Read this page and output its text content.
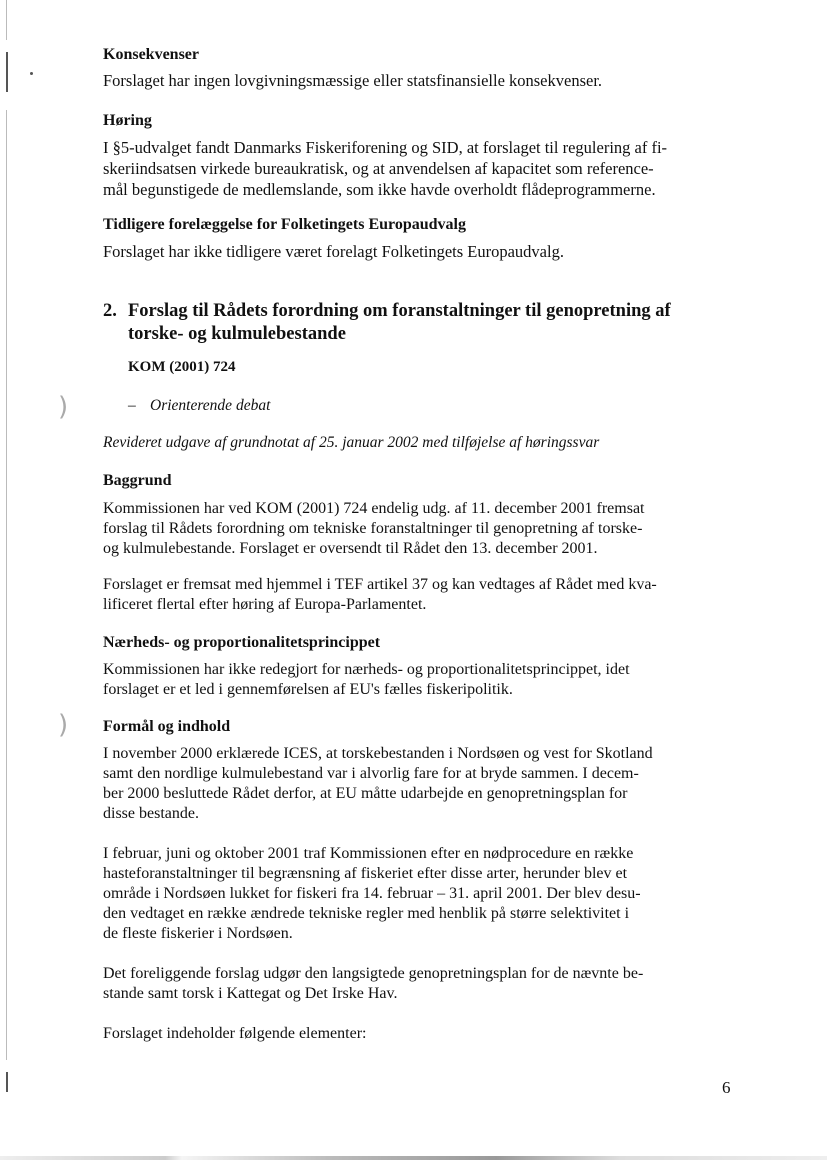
)
)

Konsekvenser

Forslaget har ingen lovgivningsmæssige eller statsfinansielle konsekvenser.

Høring

I §5-udvalget fandt Danmarks Fiskeriforening og SID, at forslaget til regulering af fi-

skeriindsatsen virkede bureaukratisk, og at anvendelsen af kapacitet som reference-

mål begunstigede de medlemslande, som ikke havde overholdt flådeprogrammerne.

Tidligere forelæggelse for Folketingets Europaudvalg

Forslaget har ikke tidligere været forelagt Folketingets Europaudvalg.

2. Forslag til Rådets forordning om foranstaltninger til genopretning af
torske- og kulmulebestande
KOM (2001) 724
– Orienterende debat
Revideret udgave af grundnotat af 25. januar 2002 med tilføjelse af høringssvar

Baggrund

Kommissionen har ved KOM (2001) 724 endelig udg. af 11. december 2001 fremsat

forslag til Rådets forordning om tekniske foranstaltninger til genopretning af torske-

og kulmulebestande. Forslaget er oversendt til Rådet den 13. december 2001.

Forslaget er fremsat med hjemmel i TEF artikel 37 og kan vedtages af Rådet med kva-

lificeret flertal efter høring af Europa-Parlamentet.

Nærheds- og proportionalitetsprincippet

Kommissionen har ikke redegjort for nærheds- og proportionalitetsprincippet, idet

forslaget er et led i gennemførelsen af EU's fælles fiskeripolitik.

Formål og indhold

I november 2000 erklærede ICES, at torskebestanden i Nordsøen og vest for Skotland

samt den nordlige kulmulebestand var i alvorlig fare for at bryde sammen. I decem-

ber 2000 besluttede Rådet derfor, at EU måtte udarbejde en genopretningsplan for

disse bestande.

I februar, juni og oktober 2001 traf Kommissionen efter en nødprocedure en række

hasteforanstaltninger til begrænsning af fiskeriet efter disse arter, herunder blev et

område i Nordsøen lukket for fiskeri fra 14. februar – 31. april 2001. Der blev desu-

den vedtaget en række ændrede tekniske regler med henblik på større selektivitet i

de fleste fiskerier i Nordsøen.

Det foreliggende forslag udgør den langsigtede genopretningsplan for de nævnte be-

stande samt torsk i Kattegat og Det Irske Hav.

Forslaget indeholder følgende elementer:

6
